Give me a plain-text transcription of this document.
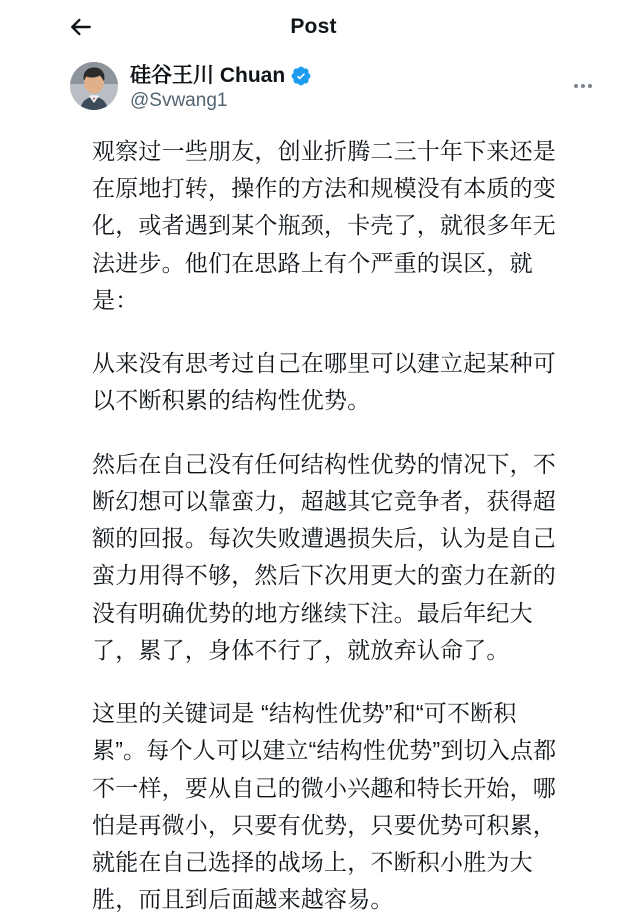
Post
硅谷王川 Chuan
@Svwang1

观察过一些朋友，创业折腾二三十年下来还是在原地打转，操作的方法和规模没有本质的变化，或者遇到某个瓶颈，卡壳了，就很多年无法进步。他们在思路上有个严重的误区，就是：

从来没有思考过自己在哪里可以建立起某种可以不断积累的结构性优势。

然后在自己没有任何结构性优势的情况下，不断幻想可以靠蛮力，超越其它竞争者，获得超额的回报。每次失败遭遇损失后，认为是自己蛮力用得不够，然后下次用更大的蛮力在新的没有明确优势的地方继续下注。最后年纪大了，累了，身体不行了，就放弃认命了。

这里的关键词是 “结构性优势”和“可不断积累”。每个人可以建立“结构性优势”到切入点都不一样，要从自己的微小兴趣和特长开始，哪怕是再微小，只要有优势，只要优势可积累，就能在自己选择的战场上，不断积小胜为大胜，而且到后面越来越容易。
